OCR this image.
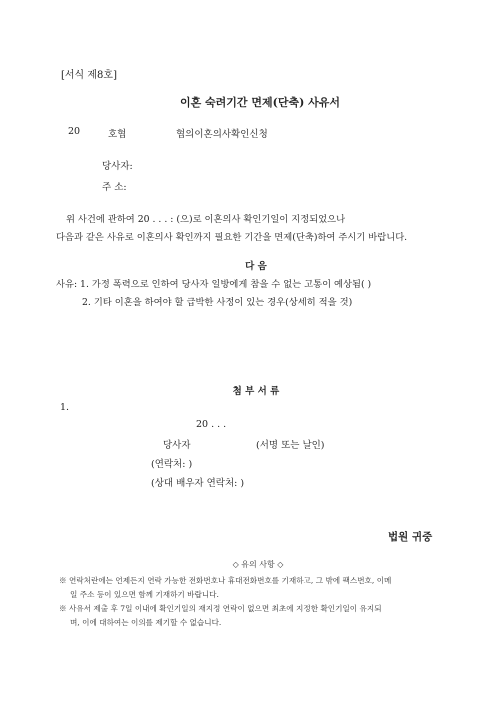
[서식 제8호]
이혼 숙려기간 면제(단축) 사유서
20	호협	협의이혼의사확인신청
당사자:
주 소:
위 사건에 관하여 20 . . . : (으)로 이혼의사 확인기일이 지정되었으나
다음과 같은 사유로 이혼의사 확인까지 필요한 기간을 면제(단축)하여 주시기 바랍니다.
다 음
사유: 1. 가정 폭력으로 인하여 당사자 일방에게 참을 수 없는 고통이 예상됨( )
2. 기타 이혼을 하여야 할 급박한 사정이 있는 경우(상세히 적을 것)
첨 부 서 류
1.
20 . . .
당사자	(서명 또는 날인)
(연락처: )
(상대 배우자 연락처: )
법원 귀중
◇ 유의 사항 ◇
※ 연락처란에는 언제든지 연락 가능한 전화번호나 휴대전화번호를 기재하고, 그 밖에 팩스번호, 이메
일 주소 등이 있으면 함께 기재하기 바랍니다.
※ 사유서 제출 후 7일 이내에 확인기일의 재지정 연락이 없으면 최초에 지정한 확인기일이 유지되
며, 이에 대하여는 이의를 제기할 수 없습니다.
